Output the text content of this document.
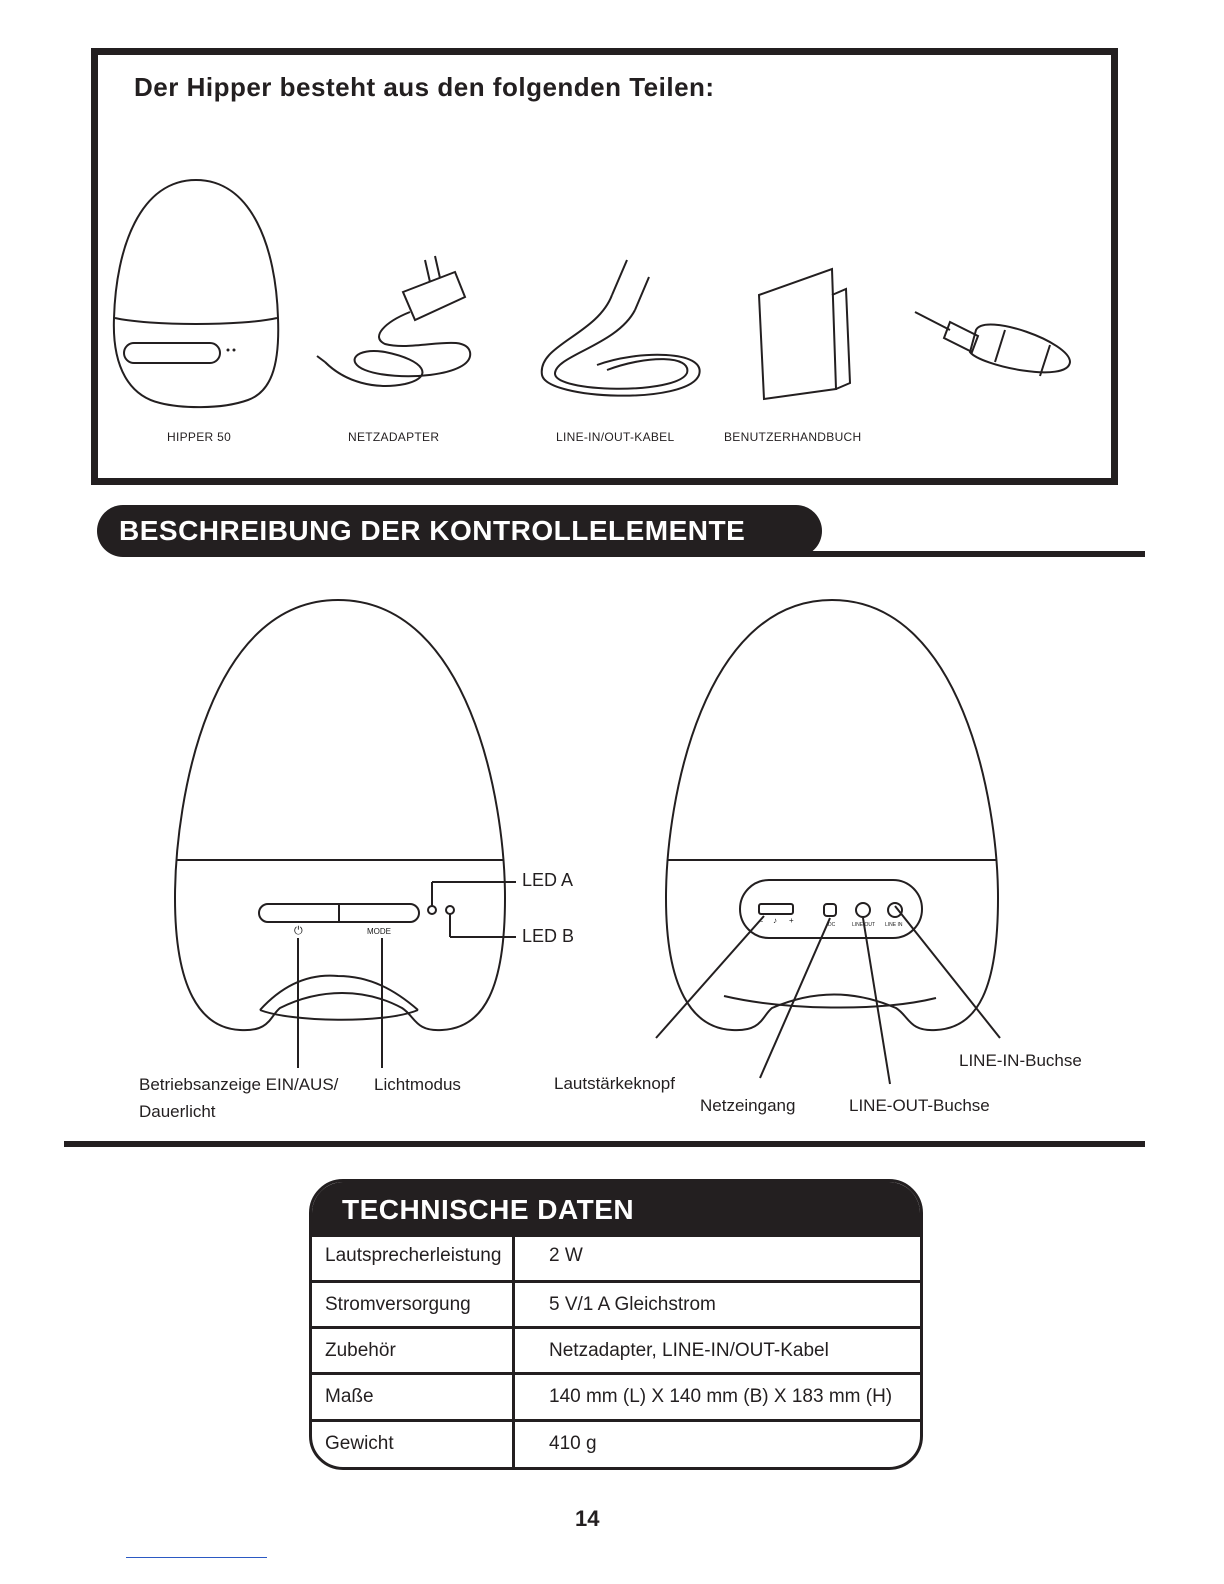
Der Hipper besteht aus den folgenden Teilen:
HIPPER 50	NETZADAPTER	LINE-IN/OUT-KABEL	BENUTZERHANDBUCH
BESCHREIBUNG DER KONTROLLELEMENTE
⏻	MODE
LED A
LED B
Betriebsanzeige EIN/AUS/
Dauerlicht
Lichtmodus
– ♪ +	DC	LINE OUT LINE IN
Lautstärkeknopf
Netzeingang	LINE-OUT-Buchse
LINE-IN-Buchse
TECHNISCHE DATEN
Lautsprecherleistung	2 W
Stromversorgung	5 V/1 A Gleichstrom
Zubehör	Netzadapter, LINE-IN/OUT-Kabel
Maße	140 mm (L) X 140 mm (B) X 183 mm (H)
Gewicht	410 g
14
